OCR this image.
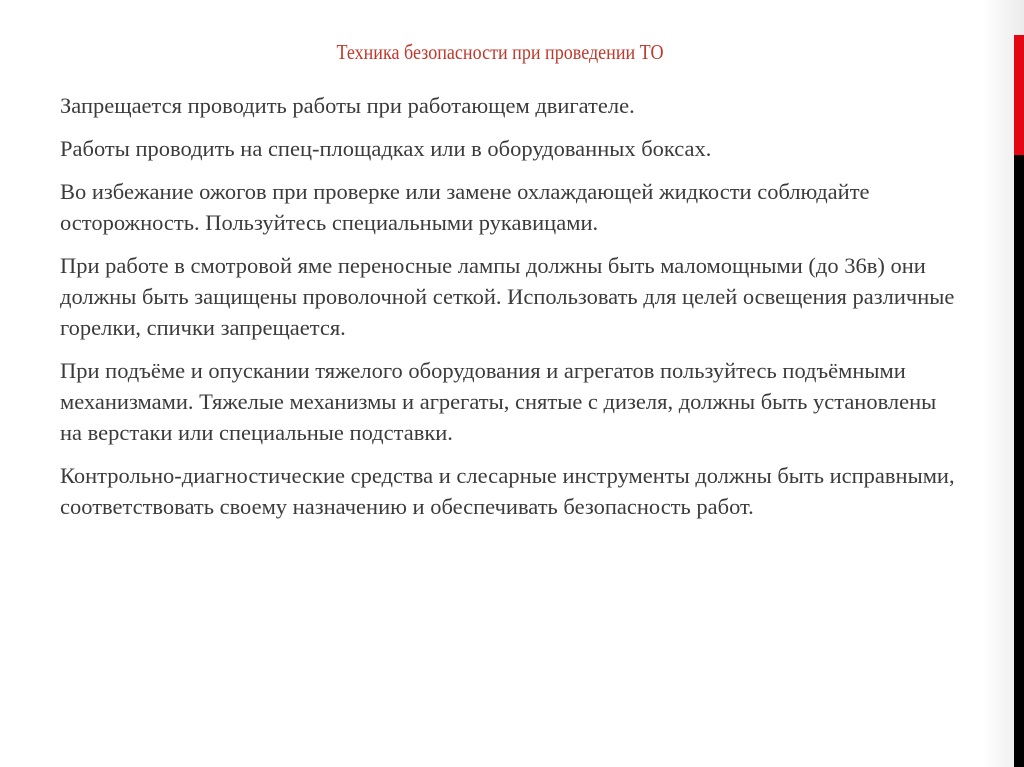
Техника безопасности при проведении ТО

Запрещается проводить работы при работающем двигателе.

Работы проводить на спец-площадках или в оборудованных боксах.

Во избежание ожогов при проверке или замене охлаждающей жидкости соблюдайте осторожность. Пользуйтесь специальными рукавицами.

При работе в смотровой яме переносные лампы должны быть маломощными (до 36в) они должны быть защищены проволочной сеткой. Использовать для целей освещения различные горелки, спички запрещается.

При подъёме и опускании тяжелого оборудования и агрегатов пользуйтесь подъёмными механизмами. Тяжелые механизмы и агрегаты, снятые с дизеля, должны быть установлены на верстаки или специальные подставки.

Контрольно-диагностические средства и слесарные инструменты должны быть исправными, соответствовать своему назначению и обеспечивать безопасность работ.
